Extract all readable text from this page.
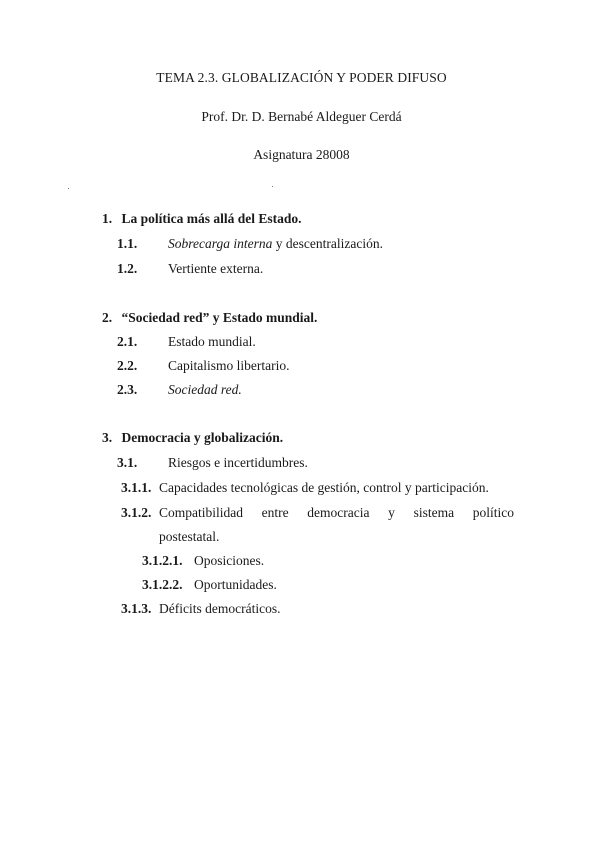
TEMA 2.3. GLOBALIZACIÓN Y PODER DIFUSO
Prof. Dr. D. Bernabé Aldeguer Cerdá
Asignatura 28008
1. La política más allá del Estado.
1.1. Sobrecarga interna y descentralización.
1.2. Vertiente externa.
2. “Sociedad red” y Estado mundial.
2.1. Estado mundial.
2.2. Capitalismo libertario.
2.3. Sociedad red.
3. Democracia y globalización.
3.1. Riesgos e incertidumbres.
3.1.1. Capacidades tecnológicas de gestión, control y participación.
3.1.2. Compatibilidad entre democracia y sistema político
postestatal.
3.1.2.1. Oposiciones.
3.1.2.2. Oportunidades.
3.1.3. Déficits democráticos.
